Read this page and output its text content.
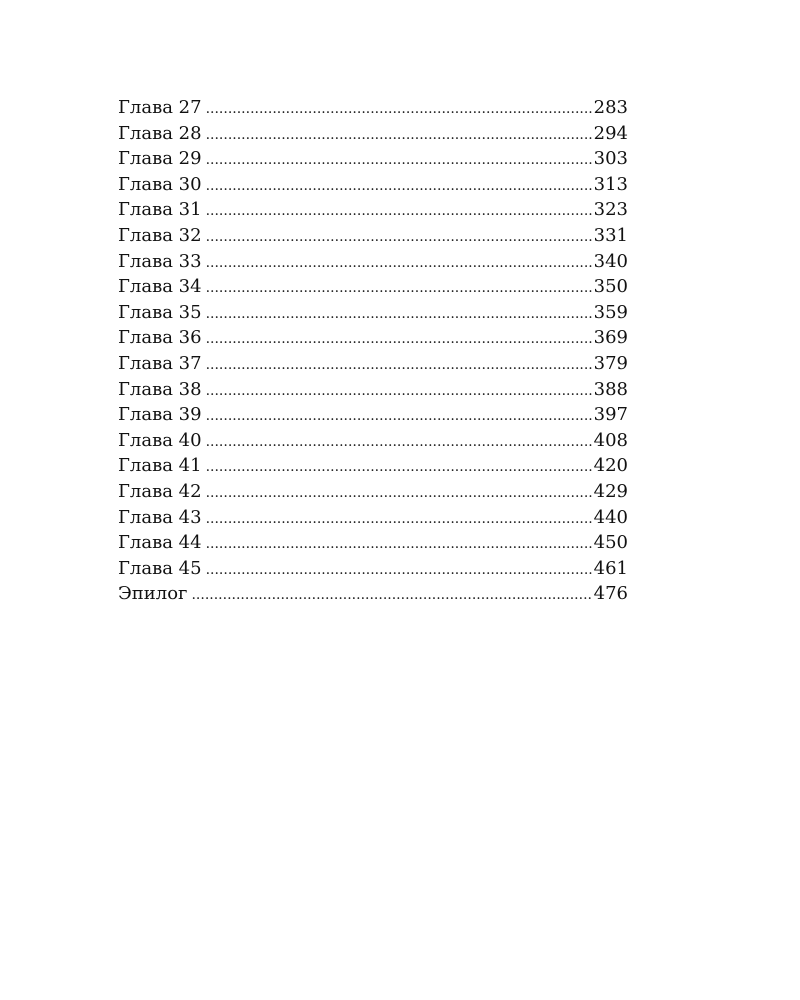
Глава 27 .....	283
Глава 28 .....	294
Глава 29 .....	303
Глава 30 .....	313
Глава 31 .....	323
Глава 32 .....	331
Глава 33 .....	340
Глава 34 .....	350
Глава 35 .....	359
Глава 36 .....	369
Глава 37 .....	379
Глава 38 .....	388
Глава 39 .....	397
Глава 40 .....	408
Глава 41 .....	420
Глава 42 .....	429
Глава 43 .....	440
Глава 44 .....	450
Глава 45 .....	461
Эпилог .....	476
